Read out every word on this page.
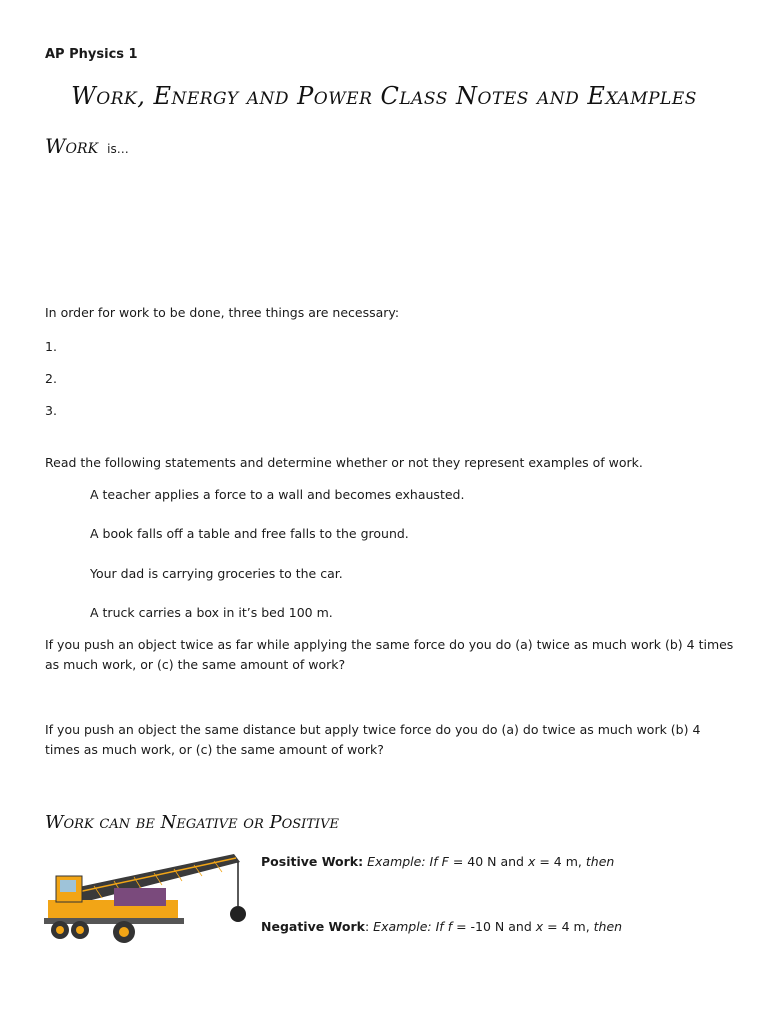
AP Physics 1
Work, Energy and Power Class Notes and Examples
Work is…
In order for work to be done, three things are necessary:
1.
2.
3.
Read the following statements and determine whether or not they represent examples of work.
A teacher applies a force to a wall and becomes exhausted.
A book falls off a table and free falls to the ground.
Your dad is carrying groceries to the car.
A truck carries a box in it’s bed 100 m.
If you push an object twice as far while applying the same force do you do (a) twice as much work (b) 4 times as much work, or (c) the same amount of work?
If you push an object the same distance but apply twice force do you do (a) do twice as much work (b) 4 times as much work, or (c) the same amount of work?
Work can be Negative or Positive
Positive Work: Example: If F = 40 N and x = 4 m, then
Negative Work: Example: If f = -10 N and x = 4 m, then
